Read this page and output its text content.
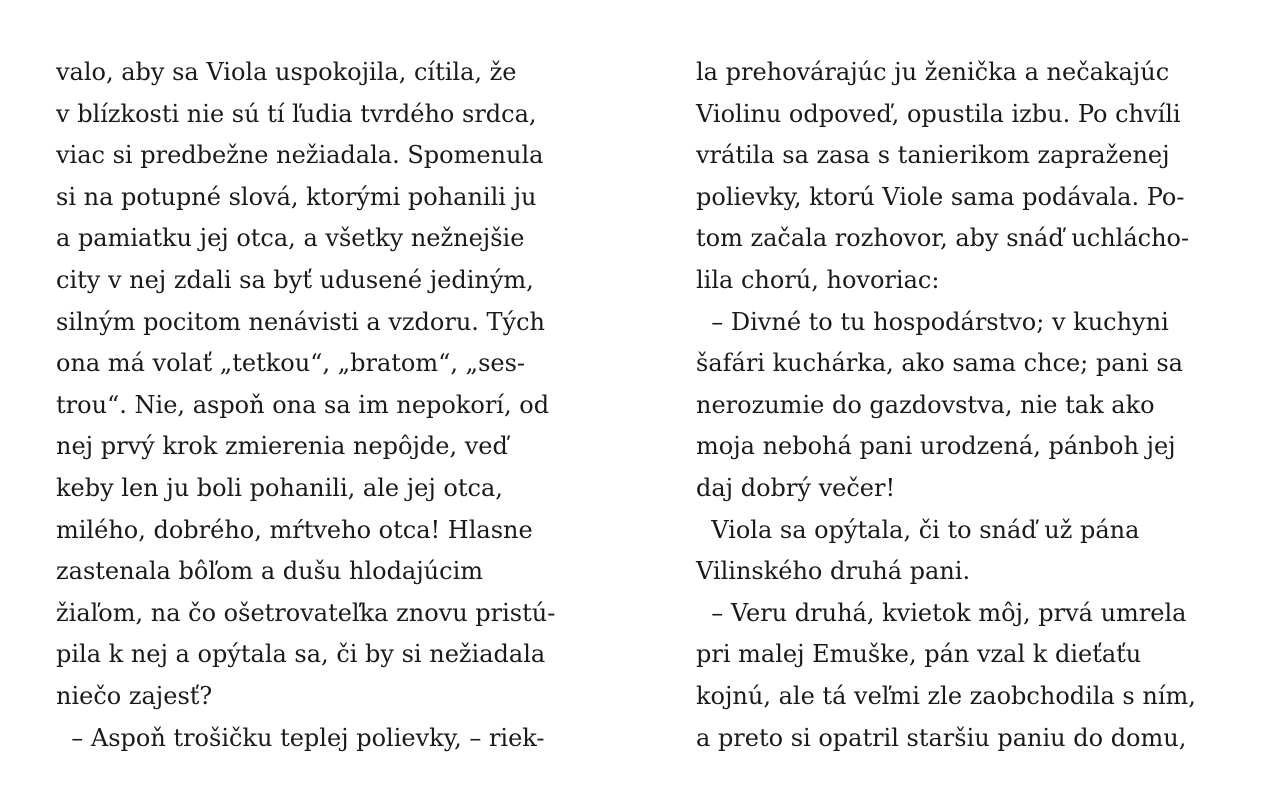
valo, aby sa Viola uspokojila, cítila, že
v blízkosti nie sú tí ľudia tvrdého srdca,
viac si predbežne nežiadala. Spomenula
si na potupné slová, ktorými pohanili ju
a pamiatku jej otca, a všetky nežnejšie
city v nej zdali sa byť udusené jediným,
silným pocitom nenávisti a vzdoru. Tých
ona má volať „tetkou“, „bratom“, „ses-
trou“. Nie, aspoň ona sa im nepokorí, od
nej prvý krok zmierenia nepôjde, veď
keby len ju boli pohanili, ale jej otca,
milého, dobrého, mŕtveho otca! Hlasne
zastenala bôľom a dušu hlodajúcim
žiaľom, na čo ošetrovateľka znovu pristú-
pila k nej a opýtala sa, či by si nežiadala
niečo zajesť?
– Aspoň trošičku teplej polievky, – riek-
la prehovárajúc ju ženička a nečakajúc
Violinu odpoveď, opustila izbu. Po chvíli
vrátila sa zasa s tanierikom zapraženej
polievky, ktorú Viole sama podávala. Po-
tom začala rozhovor, aby snáď uchlácho-
lila chorú, hovoriac:
– Divné to tu hospodárstvo; v kuchyni
šafári kuchárka, ako sama chce; pani sa
nerozumie do gazdovstva, nie tak ako
moja nebohá pani urodzená, pánboh jej
daj dobrý večer!
Viola sa opýtala, či to snáď už pána
Vilinského druhá pani.
– Veru druhá, kvietok môj, prvá umrela
pri malej Emuške, pán vzal k dieťaťu
kojnú, ale tá veľmi zle zaobchodila s ním,
a preto si opatril staršiu paniu do domu,
